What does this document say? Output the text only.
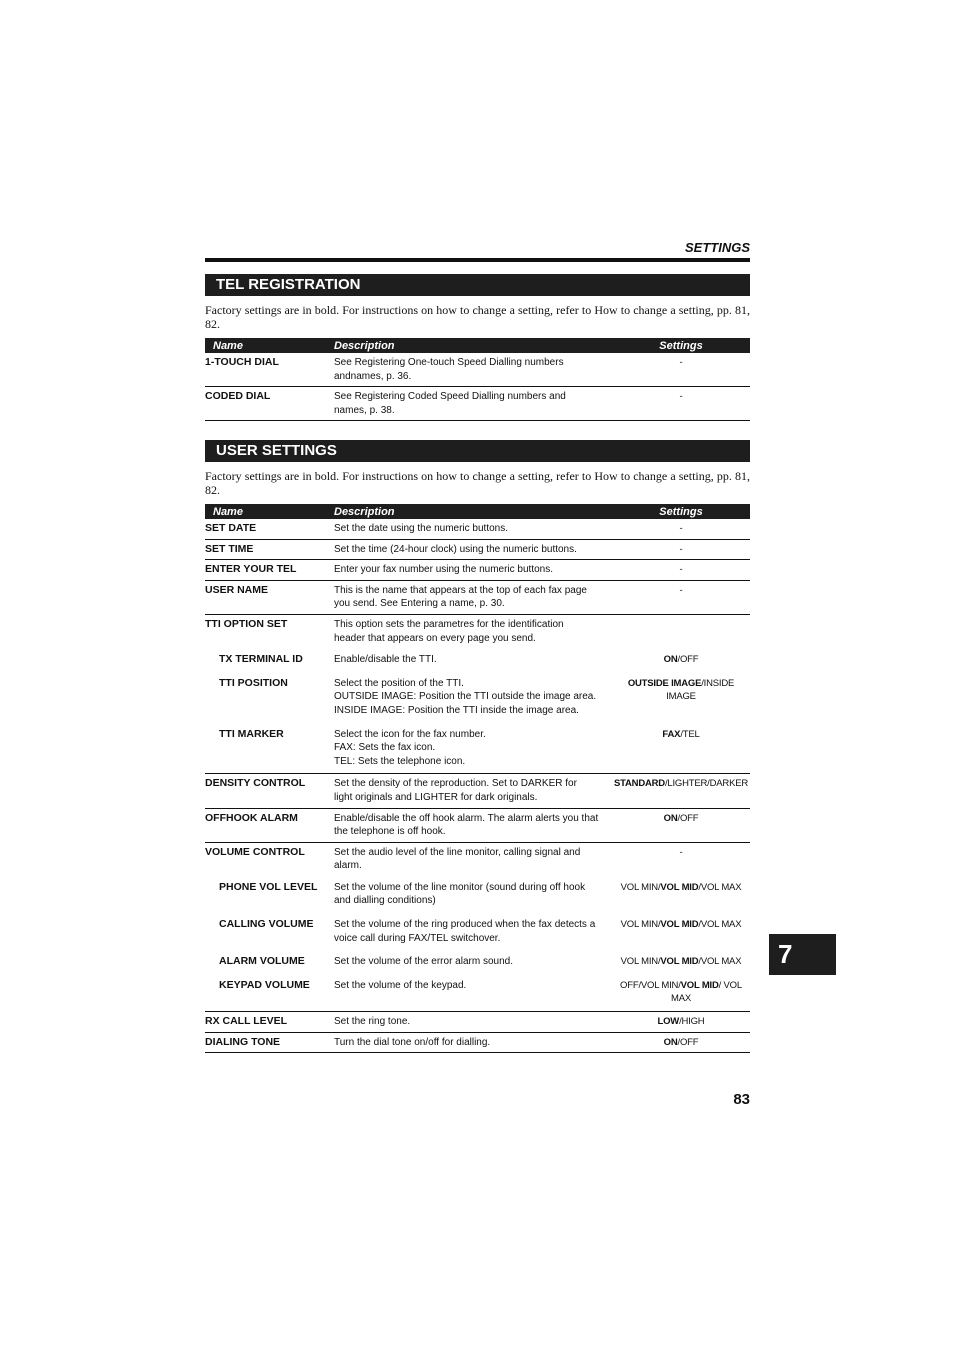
SETTINGS
TEL REGISTRATION
Factory settings are in bold. For instructions on how to change a setting, refer to How to change a setting, pp. 81, 82.
Name	Description	Settings
1-TOUCH DIAL	See Registering One-touch Speed Dialling numbers
andnames, p. 36.	-
CODED DIAL	See Registering Coded Speed Dialling numbers and
names, p. 38.	-
USER SETTINGS
Factory settings are in bold. For instructions on how to change a setting, refer to How to change a setting, pp. 81, 82.
Name	Description	Settings
SET DATE	Set the date using the numeric buttons.	-
SET TIME	Set the time (24-hour clock) using the numeric buttons.	-
ENTER YOUR TEL	Enter your fax number using the numeric buttons.	-
USER NAME	This is the name that appears at the top of each fax page
you send. See Entering a name, p. 30.	-
TTI OPTION SET	This option sets the parametres for the identification
header that appears on every page you send.	

TX TERMINAL ID	Enable/disable the TTI.	ON/OFF
TTI POSITION	Select the position of the TTI.
OUTSIDE IMAGE: Position the TTI outside the image area.
INSIDE IMAGE: Position the TTI inside the image area.	OUTSIDE IMAGE/INSIDE IMAGE
TTI MARKER	Select the icon for the fax number.
FAX: Sets the fax icon.
TEL: Sets the telephone icon.	FAX/TEL
DENSITY CONTROL	Set the density of the reproduction. Set to DARKER for
light originals and LIGHTER for dark originals.	STANDARD/LIGHTER/DARKER
OFFHOOK ALARM	Enable/disable the off hook alarm. The alarm alerts you that
the telephone is off hook.	ON/OFF
VOLUME CONTROL	Set the audio level of the line monitor, calling signal and
alarm.	-
PHONE VOL LEVEL	Set the volume of the line monitor (sound during off hook
and dialling conditions)	VOL MIN/VOL MID/VOL MAX
CALLING VOLUME	Set the volume of the ring produced when the fax detects a
voice call during FAX/TEL switchover.	VOL MIN/VOL MID/VOL MAX
ALARM VOLUME	Set the volume of the error alarm sound.	VOL MIN/VOL MID/VOL MAX
KEYPAD VOLUME	Set the volume of the keypad.	OFF/VOL MIN/VOL MID/ VOL MAX
RX CALL LEVEL	Set the ring tone.	LOW/HIGH
DIALING TONE	Turn the dial tone on/off for dialling.	ON/OFF
83
7
